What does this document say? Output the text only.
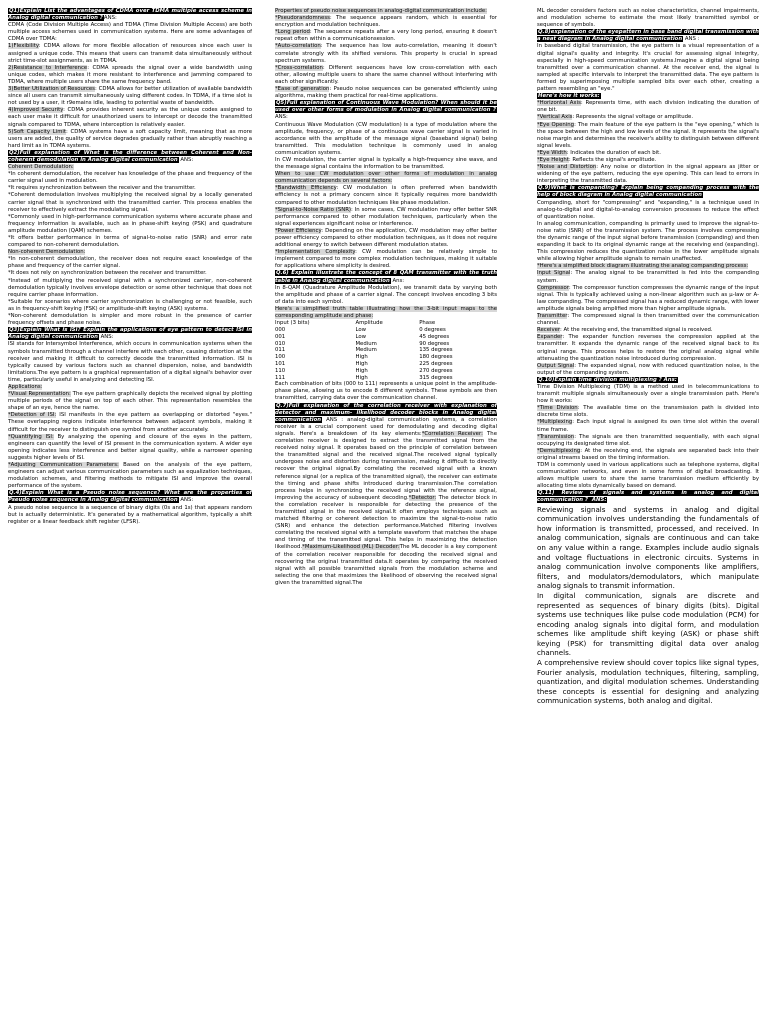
Q1)Explain List the advantages of CDMA over TDMA multiple access scheme in Analog digital communication ?ANS:

CDMA (Code Division Multiple Access) and TDMA (Time Division Multiple Access) are both multiple access schemes used in communication systems. Here are some advantages of CDMA over TDMA:

1)Flexibility: CDMA allows for more flexible allocation of resources since each user is assigned a unique code. This means that users can transmit data simultaneously without strict time-slot assignments, as in TDMA.

2)Resistance to Interference: CDMA spreads the signal over a wide bandwidth using unique codes, which makes it more resistant to interference and jamming compared to TDMA, where multiple users share the same frequency band.

3)Better Utilization of Resources: CDMA allows for better utilization of available bandwidth since all users can transmit simultaneously using different codes. In TDMA, if a time slot is not used by a user, it r9emains idle, leading to potential waste of bandwidth.

4)Improved Security: CDMA provides inherent security as the unique codes assigned to each user make it difficult for unauthorized users to intercept or decode the transmitted signals compared to TDMA, where interception is relatively easier.

5)Soft Capacity Limit: CDMA systems have a soft capacity limit, meaning that as more users are added, the quality of service degrades gradually rather than abruptly reaching a hard limit as in TDMA systems.

Q2)Full explanation of What is the difference between Coherent and Non-coherent demodulation in Analog digital communication ANS:

Coherent Demodulation:

*In coherent demodulation, the receiver has knowledge of the phase and frequency of the carrier signal used in modulation.

*It requires synchronization between the receiver and the transmitter.

*Coherent demodulation involves multiplying the received signal by a locally generated carrier signal that is synchronized with the transmitted carrier. This process enables the receiver to effectively extract the modulating signal.

*Commonly used in high-performance communication systems where accurate phase and frequency information is available, such as in phase-shift keying (PSK) and quadrature amplitude modulation (QAM) schemes.

*It offers better performance in terms of signal-to-noise ratio (SNR) and error rate compared to non-coherent demodulation.

Non-coherent Demodulation:

*In non-coherent demodulation, the receiver does not require exact knowledge of the phase and frequency of the carrier signal.

*It does not rely on synchronization between the receiver and transmitter.

*Instead of multiplying the received signal with a synchronized carrier, non-coherent demodulation typically involves envelope detection or some other technique that does not require carrier phase information.

*Suitable for scenarios where carrier synchronization is challenging or not feasible, such as in frequency-shift keying (FSK) or amplitude-shift keying (ASK) systems.

*Non-coherent demodulation is simpler and more robust in the presence of carrier frequency offsets and phase noise.

Q3)Explain What is ISI? Explain the applications of eye pattern to detect ISI in Analog digital communication ANS:

ISI stands for Intersymbol Interference, which occurs in communication systems when the symbols transmitted through a channel interfere with each other, causing distortion at the receiver and making it difficult to correctly decode the transmitted information. ISI is typically caused by various factors such as channel dispersion, noise, and bandwidth limitations.The eye pattern is a graphical representation of a digital signal's behavior over time, particularly useful in analyzing and detecting ISI.

Applications:

*Visual Representation: The eye pattern graphically depicts the received signal by plotting multiple periods of the signal on top of each other. This representation resembles the shape of an eye, hence the name.

*Detection of ISI: ISI manifests in the eye pattern as overlapping or distorted "eyes." These overlapping regions indicate interference between adjacent symbols, making it difficult for the receiver to distinguish one symbol from another accurately.

*Quantifying ISI: By analyzing the opening and closure of the eyes in the pattern, engineers can quantify the level of ISI present in the communication system. A wider eye opening indicates less interference and better signal quality, while a narrower opening suggests higher levels of ISI.

*Adjusting Communication Parameters: Based on the analysis of the eye pattern, engineers can adjust various communication parameters such as equalization techniques, modulation schemes, and filtering methods to mitigate ISI and improve the overall performance of the system.

Q.4)Explain What is a Pseudo noise sequence? What are the properties of Pseudo noise sequence in Analog digital communication ANS:

A pseudo noise sequence is a sequence of binary digits (0s and 1s) that appears random but is actually deterministic. It's generated by a mathematical algorithm, typically a shift register or a linear feedback shift register (LFSR).

Properties of pseudo noise sequences in analog-digital communication include:

*Pseudorandomness: The sequence appears random, which is essential for encryption and modulation techniques.

*Long period: The sequence repeats after a very long period, ensuring it doesn't repeat often within a communicationsession.

*Auto-correlation: The sequence has low auto-correlation, meaning it doesn't correlate strongly with its shifted versions. This property is crucial in spread spectrum systems.

*Cross-correlation: Different sequences have low cross-correlation with each other, allowing multiple users to share the same channel without interfering with each other significantly.

*Ease of generation: Pseudo noise sequences can be generated efficiently using algorithms, making them practical for real-time applications.

Q5)Full explanation of Continuous Wave Modulation? When should it be used over other forms of modulation in Analog digital communication ? ANS:

Continuous Wave Modulation (CW modulation) is a type of modulation where the amplitude, frequency, or phase of a continuous wave carrier signal is varied in accordance with the amplitude of the message signal (baseband signal) being transmitted. This modulation technique is commonly used in analog communication systems.

In CW modulation, the carrier signal is typically a high-frequency sine wave, and the message signal contains the information to be transmitted.

When to use CW modulation over other forms of modulation in analog communication depends on several factors:

*Bandwidth Efficiency: CW modulation is often preferred when bandwidth efficiency is not a primary concern since it typically requires more bandwidth compared to other modulation techniques like phase modulation.

*Signal-to-Noise Ratio (SNR): In some cases, CW modulation may offer better SNR performance compared to other modulation techniques, particularly when the signal experiences significant noise or interference.

*Power Efficiency: Depending on the application, CW modulation may offer better power efficiency compared to other modulation techniques, as it does not require additional energy to switch between different modulation states.

*Implementation Complexity: CW modulation can be relatively simple to implement compared to more complex modulation techniques, making it suitable for applications where simplicity is desired.

Q.6) Explain illustrate the concept of 8 QAM transmitter with the truth table in Analog digital communication Ans:

In 8-QAM (Quadrature Amplitude Modulation), we transmit data by varying both the amplitude and phase of a carrier signal. The concept involves encoding 3 bits of data into each symbol.

Here's a simplified truth table illustrating how the 3-bit input maps to the corresponding amplitude and phase:

Input (3 bits)	Amplitude	Phase
000	Low	0 degrees
001	Low	45 degrees
010	Medium	90 degrees
011	Medium	135 degrees
100	High	180 degrees
101	High	225 degrees
110	High	270 degrees
111	High	315 degrees

Each combination of bits (000 to 111) represents a unique point in the amplitude-phase plane, allowing us to encode 8 different symbols. These symbols are then transmitted, carrying data over the communication channel.

Q.7)Full explanation of the correlation receiver with explanation of detector and maximum- likelihood decoder blocks in Analog digital communication ANS : analog-digital communication systems, a correlation receiver is a crucial component used for demodulating and decoding digital signals. Here's a breakdown of its key elements:*Correlation Receiver: The correlation receiver is designed to extract the transmitted signal from the received noisy signal. It operates based on the principle of correlation between the transmitted signal and the received signal.The received signal typically undergoes noise and distortion during transmission, making it difficult to directly recover the original signal.By correlating the received signal with a known reference signal (or a replica of the transmitted signal), the receiver can estimate the timing and phase shifts introduced during transmission.The correlation process helps in synchronizing the received signal with the reference signal, improving the accuracy of subsequent decoding.*Detector: The detector block in the correlation receiver is responsible for detecting the presence of the transmitted signal in the received signal.It often employs techniques such as matched filtering or coherent detection to maximize the signal-to-noise ratio (SNR) and enhance the detection performance.Matched filtering involves correlating the received signal with a template waveform that matches the shape and timing of the transmitted signal. This helps in maximizing the detection likelihood.*Maximum-Likelihood (ML) Decoder:The ML decoder is a key component of the correlation receiver responsible for decoding the received signal and recovering the original transmitted data.It operates by comparing the received signal with all possible transmitted signals from the modulation scheme and selecting the one that maximizes the likelihood of observing the received signal given the transmitted signal.The

ML decoder considers factors such as noise characteristics, channel impairments, and modulation scheme to estimate the most likely transmitted symbol or sequence of symbols.

Q.8)explanation of the eyepattern in base band digital transmission with a neat diagram in Analog digital communication ANS :

In baseband digital transmission, the eye pattern is a visual representation of a digital signal's quality and integrity. It's crucial for assessing signal integrity, especially in high-speed communication systems.Imagine a digital signal being transmitted over a communication channel. At the receiver end, the signal is sampled at specific intervals to interpret the transmitted data. The eye pattern is formed by superimposing multiple sampled bits over each other, creating a pattern resembling an "eye."

Here's how it works:

*Horizontal Axis: Represents time, with each division indicating the duration of one bit.

*Vertical Axis: Represents the signal voltage or amplitude.

*Eye Opening: The main feature of the eye pattern is the "eye opening," which is the space between the high and low levels of the signal. It represents the signal's noise margin and determines the receiver's ability to distinguish between different signal levels.

*Eye Width: Indicates the duration of each bit.

*Eye Height: Reflects the signal's amplitude.

*Noise and Distortion: Any noise or distortion in the signal appears as jitter or widening of the eye pattern, reducing the eye opening. This can lead to errors in interpreting the transmitted data.

Q.9)What is companding? Explain being companding process with the help of block diagram in Analog digital communication

Companding, short for "compressing" and "expanding," is a technique used in analog-to-digital and digital-to-analog conversion processes to reduce the effect of quantization noise.

In analog communication, companding is primarily used to improve the signal-to-noise ratio (SNR) of the transmission system. The process involves compressing the dynamic range of the input signal before transmission (companding) and then expanding it back to its original dynamic range at the receiving end (expanding). This compression reduces the quantization noise in the lower amplitude signals while allowing higher amplitude signals to remain unaffected.

*Here's a simplified block diagram illustrating the analog companding process:

Input Signal: The analog signal to be transmitted is fed into the companding system.

Compressor: The compressor function compresses the dynamic range of the input signal. This is typically achieved using a non-linear algorithm such as μ-law or A-law companding. The compressed signal has a reduced dynamic range, with lower amplitude signals being amplified more than higher amplitude signals.

Transmitter: The compressed signal is then transmitted over the communication channel.

Receiver: At the receiving end, the transmitted signal is received.

Expander: The expander function reverses the compression applied at the transmitter. It expands the dynamic range of the received signal back to its original range. This process helps to restore the original analog signal while attenuating the quantization noise introduced during compression.

Output Signal: The expanded signal, now with reduced quantization noise, is the output of the companding system.

Q.10)Explain time division multiplexing ? Ans:

Time Division Multiplexing (TDM) is a method used in telecommunications to transmit multiple signals simultaneously over a single transmission path. Here's how it works:

*Time Division: The available time on the transmission path is divided into discrete time slots.

*Multiplexing: Each input signal is assigned its own time slot within the overall time frame.

*Transmission: The signals are then transmitted sequentially, with each signal occupying its designated time slot.

*Demultiplexing: At the receiving end, the signals are separated back into their original streams based on the timing information.

TDM is commonly used in various applications such as telephone systems, digital communication networks, and even in some forms of digital broadcasting. It allows multiple users to share the same transmission medium efficiently by allocating time slots dynamically based on demand.

Q.11) Review of signals and systems in analog and digital communication ? ANS:

Reviewing signals and systems in analog and digital communication involves understanding the fundamentals of how information is transmitted, processed, and received. In analog communication, signals are continuous and can take on any value within a range. Examples include audio signals and voltage fluctuations in electronic circuits. Systems in analog communication involve components like amplifiers, filters, and modulators/demodulators, which manipulate analog signals to transmit information.

In digital communication, signals are discrete and represented as sequences of binary digits (bits). Digital systems use techniques like pulse code modulation (PCM) for encoding analog signals into digital form, and modulation schemes like amplitude shift keying (ASK) or phase shift keying (PSK) for transmitting digital data over analog channels.

A comprehensive review should cover topics like signal types, Fourier analysis, modulation techniques, filtering, sampling, quantization, and digital modulation schemes. Understanding these concepts is essential for designing and analyzing communication systems, both analog and digital.
